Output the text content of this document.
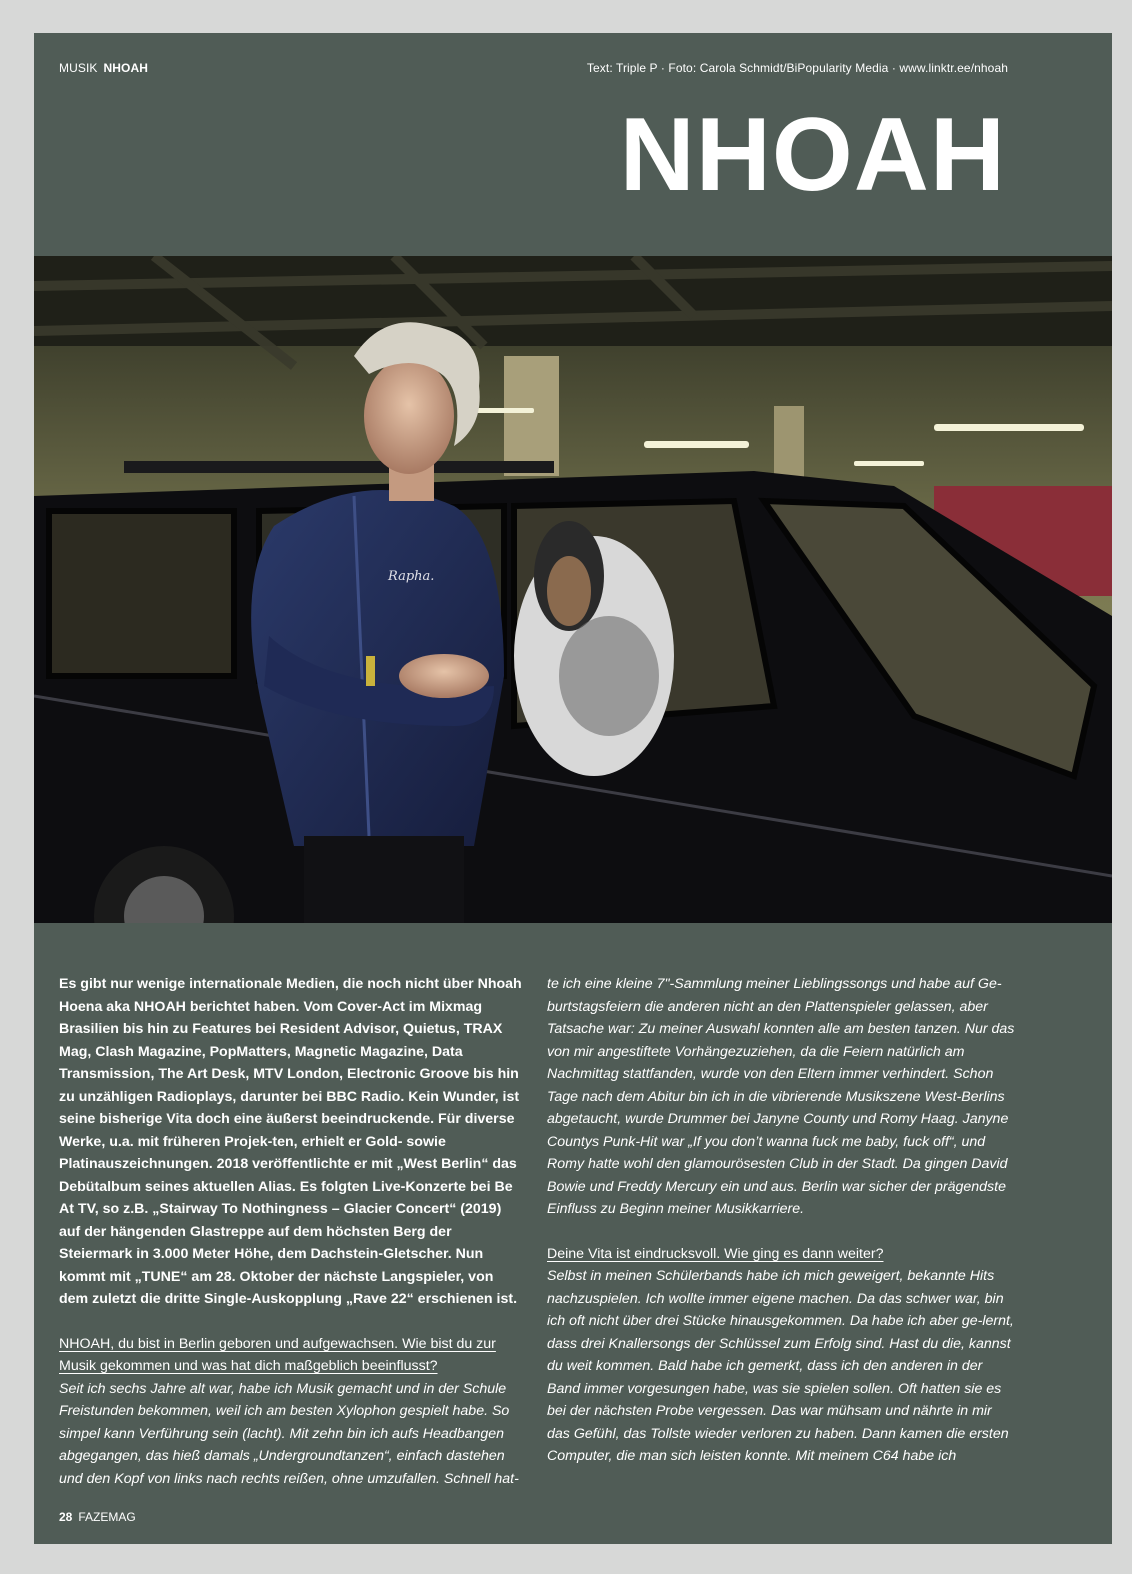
MUSIK NHOAH	Text: Triple P · Foto: Carola Schmidt/BiPopularity Media · www.linktr.ee/nhoah
NHOAH
Rapha.

Es gibt nur wenige internationale Medien, die noch nicht über Nhoah Hoena aka NHOAH berichtet haben. Vom Cover-Act im Mixmag Brasilien bis hin zu Features bei Resident Advisor, Quietus, TRAX Mag, Clash Magazine, PopMatters, Magnetic Magazine, Data Transmission, The Art Desk, MTV London, Electronic Groove bis hin zu unzähligen Radioplays, darunter bei BBC Radio. Kein Wunder, ist seine bisherige Vita doch eine äußerst beeindruckende. Für diverse Werke, u.a. mit früheren Projek-ten, erhielt er Gold- sowie Platinauszeichnungen. 2018 veröffentlichte er mit „West Berlin“ das Debütalbum seines aktuellen Alias. Es folgten Live-Konzerte bei Be At TV, so z.B. „Stairway To Nothingness – Glacier Concert“ (2019) auf der hängenden Glastreppe auf dem höchsten Berg der Steiermark in 3.000 Meter Höhe, dem Dachstein-Gletscher. Nun kommt mit „TUNE“ am 28. Oktober der nächste Langspieler, von dem zuletzt die dritte Single-Auskopplung „Rave 22“ erschienen ist.

NHOAH, du bist in Berlin geboren und aufgewachsen. Wie bist du zur Musik gekommen und was hat dich maßgeblich beeinflusst?

Seit ich sechs Jahre alt war, habe ich Musik gemacht und in der Schule Freistunden bekommen, weil ich am besten Xylophon gespielt habe. So simpel kann Verführung sein (lacht). Mit zehn bin ich aufs Headbangen abgegangen, das hieß damals „Undergroundtanzen“, einfach dastehen und den Kopf von links nach rechts reißen, ohne umzufallen. Schnell hat-

te ich eine kleine 7"-Sammlung meiner Lieblingssongs und habe auf Ge-burtstagsfeiern die anderen nicht an den Plattenspieler gelassen, aber Tatsache war: Zu meiner Auswahl konnten alle am besten tanzen. Nur das von mir angestiftete Vorhängezuziehen, da die Feiern natürlich am Nachmittag stattfanden, wurde von den Eltern immer verhindert. Schon Tage nach dem Abitur bin ich in die vibrierende Musikszene West-Berlins abgetaucht, wurde Drummer bei Janyne County und Romy Haag. Janyne Countys Punk-Hit war „If you don’t wanna fuck me baby, fuck off“, und Romy hatte wohl den glamourösesten Club in der Stadt. Da gingen David Bowie und Freddy Mercury ein und aus. Berlin war sicher der prägendste Einfluss zu Beginn meiner Musikkarriere.

Deine Vita ist eindrucksvoll. Wie ging es dann weiter?

Selbst in meinen Schülerbands habe ich mich geweigert, bekannte Hits nachzuspielen. Ich wollte immer eigene machen. Da das schwer war, bin ich oft nicht über drei Stücke hinausgekommen. Da habe ich aber ge-lernt, dass drei Knallersongs der Schlüssel zum Erfolg sind. Hast du die, kannst du weit kommen. Bald habe ich gemerkt, dass ich den anderen in der Band immer vorgesungen habe, was sie spielen sollen. Oft hatten sie es bei der nächsten Probe vergessen. Das war mühsam und nährte in mir das Gefühl, das Tollste wieder verloren zu haben. Dann kamen die ersten Computer, die man sich leisten konnte. Mit meinem C64 habe ich

28 FAZEMAG
